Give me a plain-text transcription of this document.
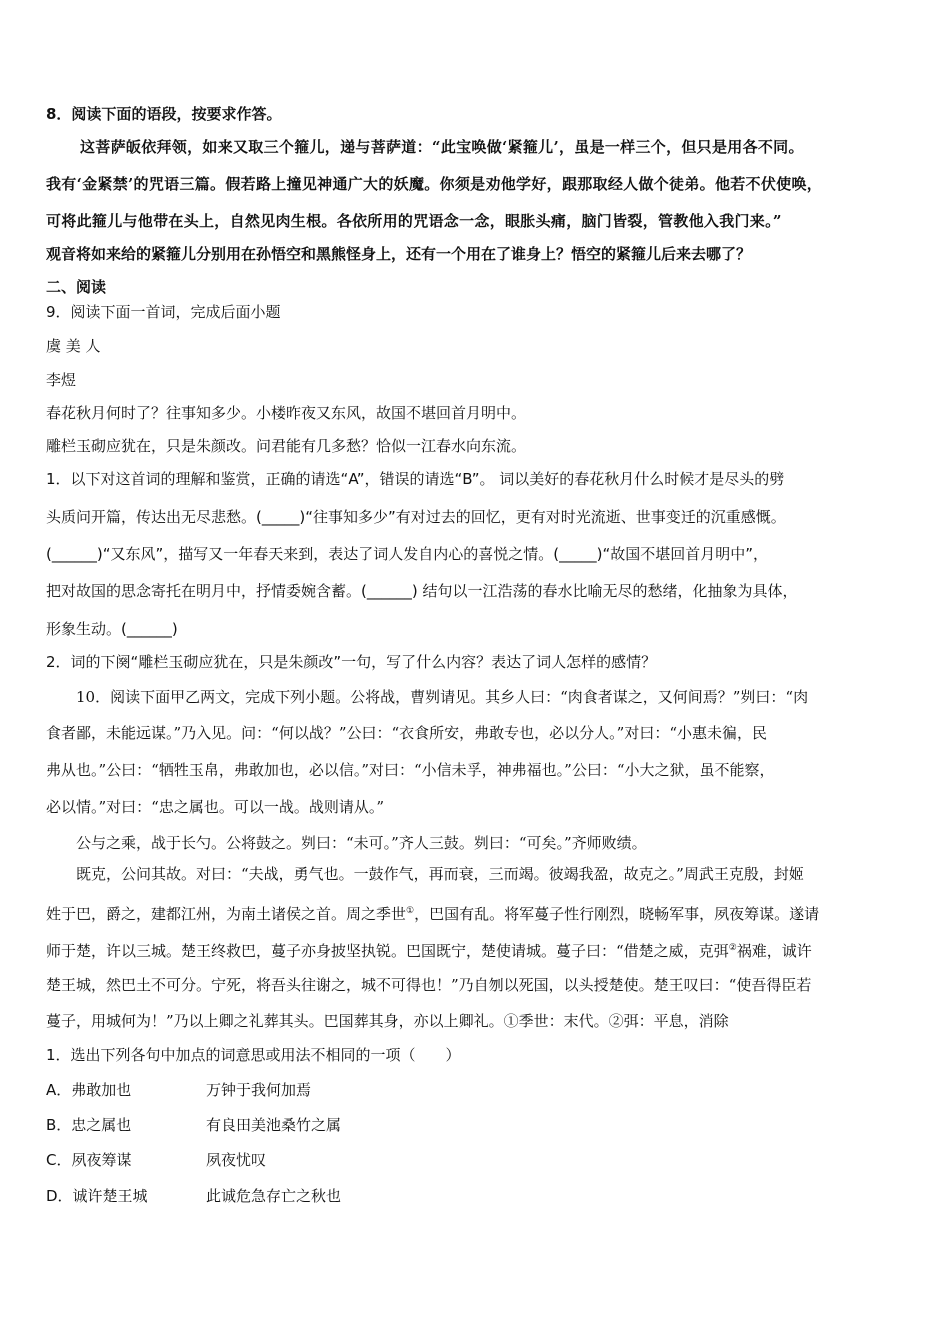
8．阅读下面的语段，按要求作答。
这菩萨皈依拜领，如来又取三个箍儿，递与菩萨道：“此宝唤做‘紧箍儿’，虽是一样三个，但只是用各不同。
我有‘金紧禁’的咒语三篇。假若路上撞见神通广大的妖魔。你须是劝他学好，跟那取经人做个徒弟。他若不伏使唤，
可将此箍儿与他带在头上，自然见肉生根。各依所用的咒语念一念，眼胀头痛，脑门皆裂，管教他入我门来。”
观音将如来给的紧箍儿分别用在孙悟空和黑熊怪身上，还有一个用在了谁身上？悟空的紧箍儿后来去哪了？
二、阅读
9．阅读下面一首词，完成后面小题
虞 美 人
李煜
春花秋月何时了？往事知多少。小楼昨夜又东风，故国不堪回首月明中。
雕栏玉砌应犹在，只是朱颜改。问君能有几多愁？恰似一江春水向东流。
1．以下对这首词的理解和鉴赏，正确的请选“A”，错误的请选“B”。 词以美好的春花秋月什么时候才是尽头的劈
头质问开篇，传达出无尽悲愁。(_____)“往事知多少”有对过去的回忆，更有对时光流逝、世事变迁的沉重感慨。
(______)“又东风”，描写又一年春天来到，表达了词人发自内心的喜悦之情。(_____)“故国不堪回首月明中”，
把对故国的思念寄托在明月中，抒情委婉含蓄。(______) 结句以一江浩荡的春水比喻无尽的愁绪，化抽象为具体，
形象生动。(______)
2．词的下阕“雕栏玉砌应犹在，只是朱颜改”一句，写了什么内容？表达了词人怎样的感情？
10．阅读下面甲乙两文，完成下列小题。公将战，曹刿请见。其乡人曰：“肉食者谋之，又何间焉？”刿曰：“肉
食者鄙，未能远谋。”乃入见。问：“何以战？”公曰：“衣食所安，弗敢专也，必以分人。”对曰：“小惠未徧，民
弗从也。”公曰：“牺牲玉帛，弗敢加也，必以信。”对曰：“小信未孚，神弗福也。”公曰：“小大之狱，虽不能察，
必以情。”对曰：“忠之属也。可以一战。战则请从。”
公与之乘，战于长勺。公将鼓之。刿曰：“未可。”齐人三鼓。刿曰：“可矣。”齐师败绩。
既克，公问其故。对曰：“夫战，勇气也。一鼓作气，再而衰，三而竭。彼竭我盈，故克之。”周武王克殷，封姬
姓于巴，爵之，建都江州，为南土诸侯之首。周之季世①，巴国有乱。将军蔓子性行刚烈，晓畅军事，夙夜筹谋。遂请
师于楚，许以三城。楚王终救巴，蔓子亦身披坚执锐。巴国既宁，楚使请城。蔓子曰：“借楚之威，克弭②祸难，诚许
楚王城，然巴土不可分。宁死，将吾头往谢之，城不可得也！”乃自刎以死国，以头授楚使。楚王叹曰：“使吾得臣若
蔓子，用城何为！”乃以上卿之礼葬其头。巴国葬其身，亦以上卿礼。①季世：末代。②弭：平息，消除
1．选出下列各句中加点的词意思或用法不相同的一项（　　）
A．弗敢加也	万钟于我何加焉
B．忠之属也	有良田美池桑竹之属
C．夙夜筹谋	夙夜忧叹
D．诚许楚王城	此诚危急存亡之秋也
